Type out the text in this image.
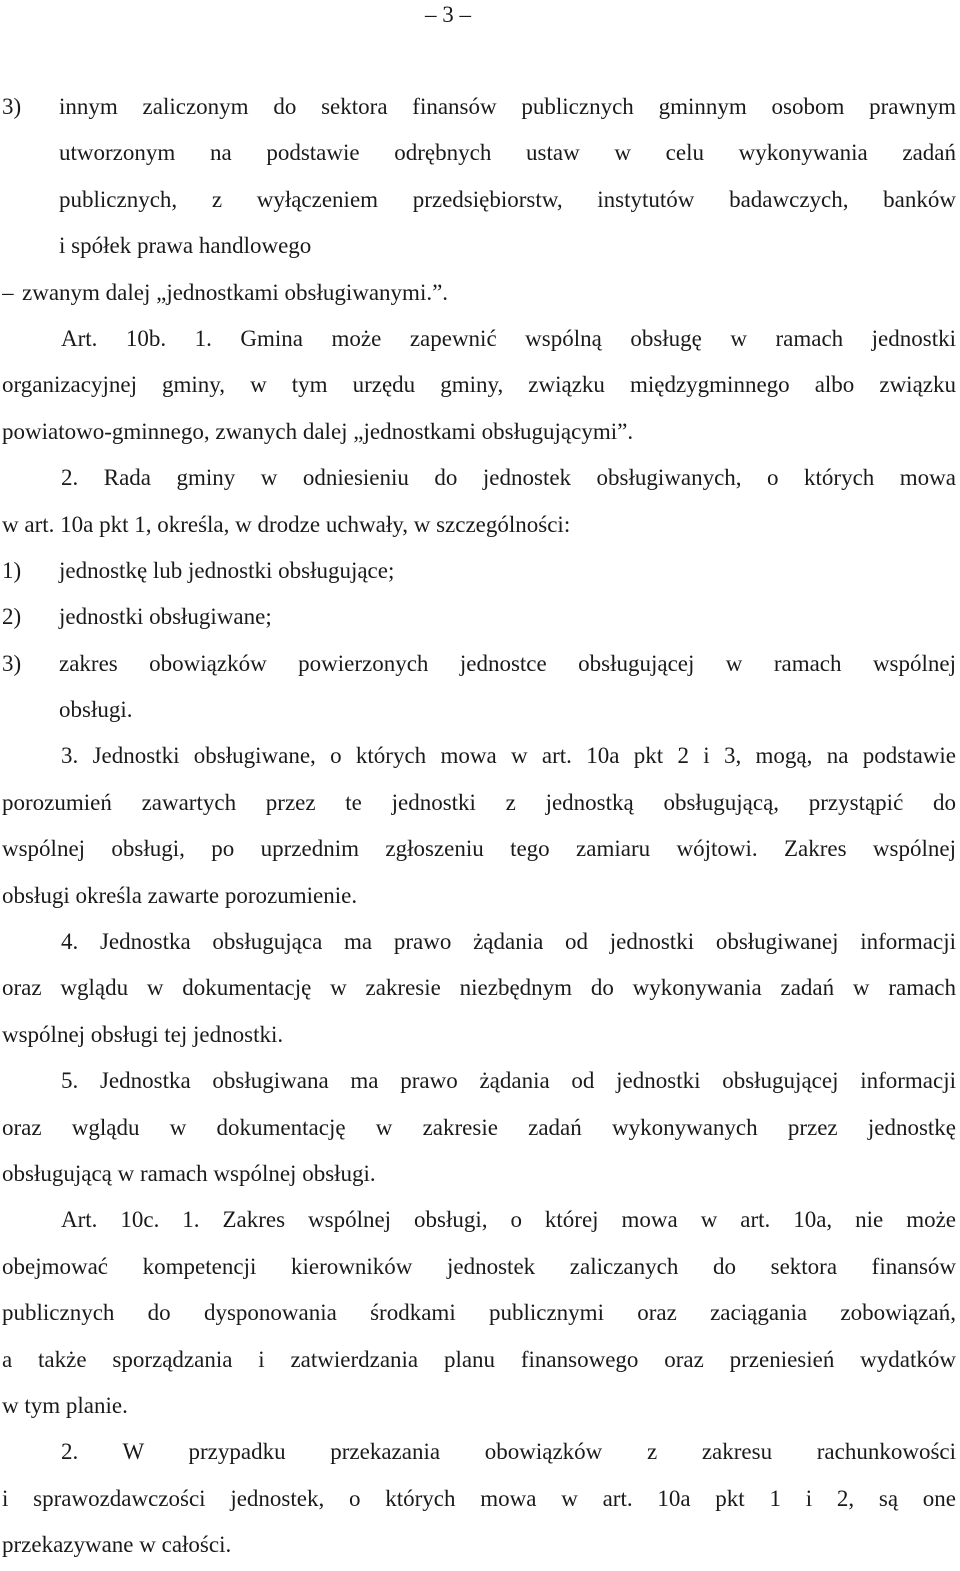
– 3 –
3) innym zaliczonym do sektora finansów publicznych gminnym osobom prawnym
utworzonym na podstawie odrębnych ustaw w celu wykonywania zadań
publicznych, z wyłączeniem przedsiębiorstw, instytutów badawczych, banków
i spółek prawa handlowego
– zwanym dalej „jednostkami obsługiwanymi.”.
Art. 10b. 1. Gmina może zapewnić wspólną obsługę w ramach jednostki
organizacyjnej gminy, w tym urzędu gminy, związku międzygminnego albo związku
powiatowo-gminnego, zwanych dalej „jednostkami obsługującymi”.
2. Rada gminy w odniesieniu do jednostek obsługiwanych, o których mowa
w art. 10a pkt 1, określa, w drodze uchwały, w szczególności:
1) jednostkę lub jednostki obsługujące;
2) jednostki obsługiwane;
3) zakres obowiązków powierzonych jednostce obsługującej w ramach wspólnej
obsługi.
3. Jednostki obsługiwane, o których mowa w art. 10a pkt 2 i 3, mogą, na podstawie
porozumień zawartych przez te jednostki z jednostką obsługującą, przystąpić do
wspólnej obsługi, po uprzednim zgłoszeniu tego zamiaru wójtowi. Zakres wspólnej
obsługi określa zawarte porozumienie.
4. Jednostka obsługująca ma prawo żądania od jednostki obsługiwanej informacji
oraz wglądu w dokumentację w zakresie niezbędnym do wykonywania zadań w ramach
wspólnej obsługi tej jednostki.
5. Jednostka obsługiwana ma prawo żądania od jednostki obsługującej informacji
oraz wglądu w dokumentację w zakresie zadań wykonywanych przez jednostkę
obsługującą w ramach wspólnej obsługi.
Art. 10c. 1. Zakres wspólnej obsługi, o której mowa w art. 10a, nie może
obejmować kompetencji kierowników jednostek zaliczanych do sektora finansów
publicznych do dysponowania środkami publicznymi oraz zaciągania zobowiązań,
a także sporządzania i zatwierdzania planu finansowego oraz przeniesień wydatków
w tym planie.
2. W przypadku przekazania obowiązków z zakresu rachunkowości
i sprawozdawczości jednostek, o których mowa w art. 10a pkt 1 i 2, są one
przekazywane w całości.
